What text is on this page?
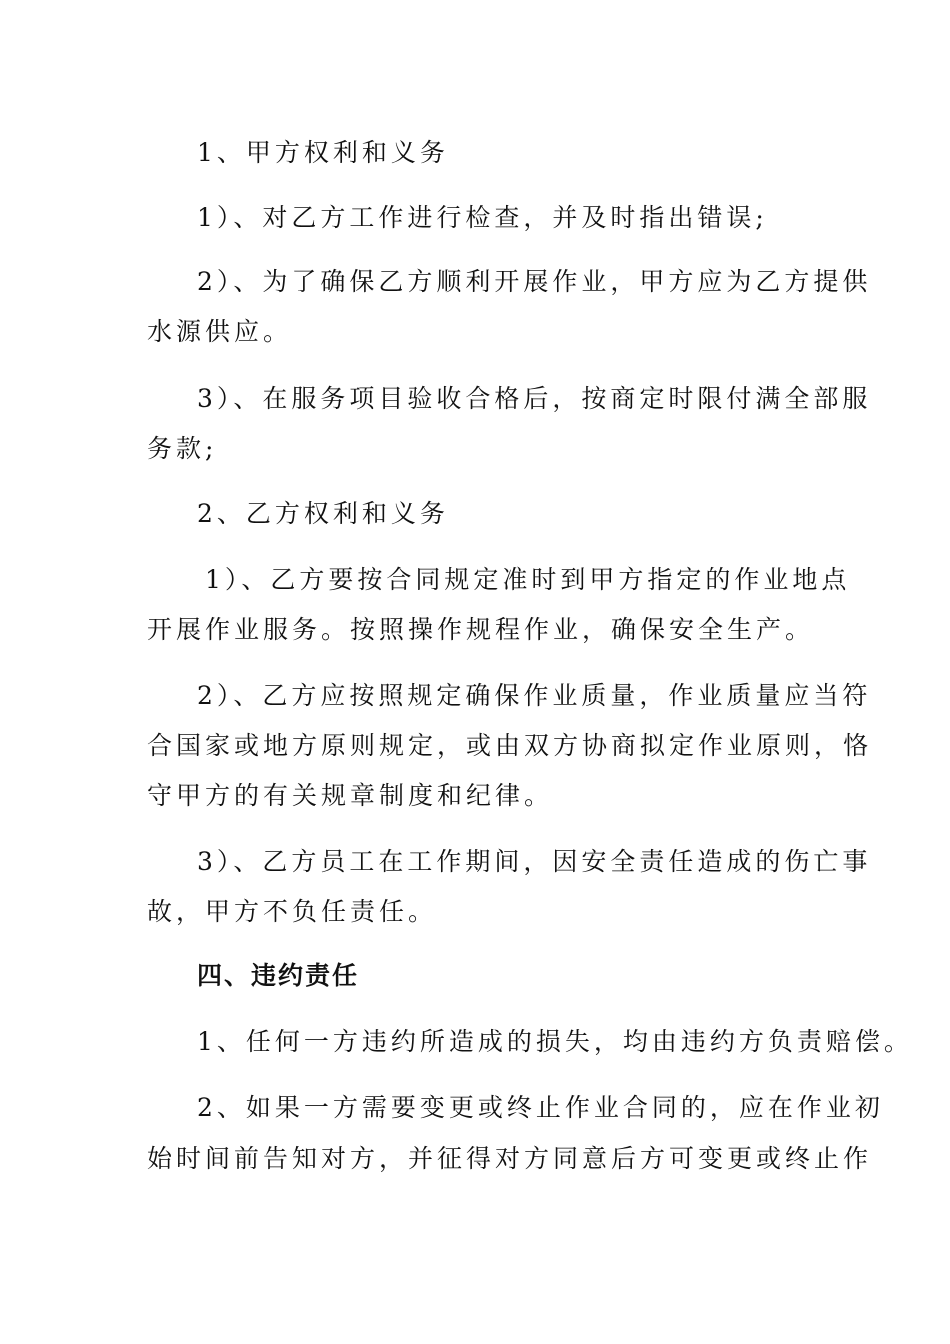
1、甲方权利和义务
1）、对乙方工作进行检查，并及时指出错误;
2）、为了确保乙方顺利开展作业，甲方应为乙方提供
水源供应。
3）、在服务项目验收合格后，按商定时限付满全部服
务款;
2、乙方权利和义务
1）、乙方要按合同规定准时到甲方指定的作业地点
开展作业服务。按照操作规程作业，确保安全生产。
2）、乙方应按照规定确保作业质量，作业质量应当符
合国家或地方原则规定，或由双方协商拟定作业原则，恪
守甲方的有关规章制度和纪律。
3）、乙方员工在工作期间，因安全责任造成的伤亡事
故，甲方不负任责任。
四、违约责任
1、任何一方违约所造成的损失，均由违约方负责赔偿。
2、如果一方需要变更或终止作业合同的，应在作业初
始时间前告知对方，并征得对方同意后方可变更或终止作
